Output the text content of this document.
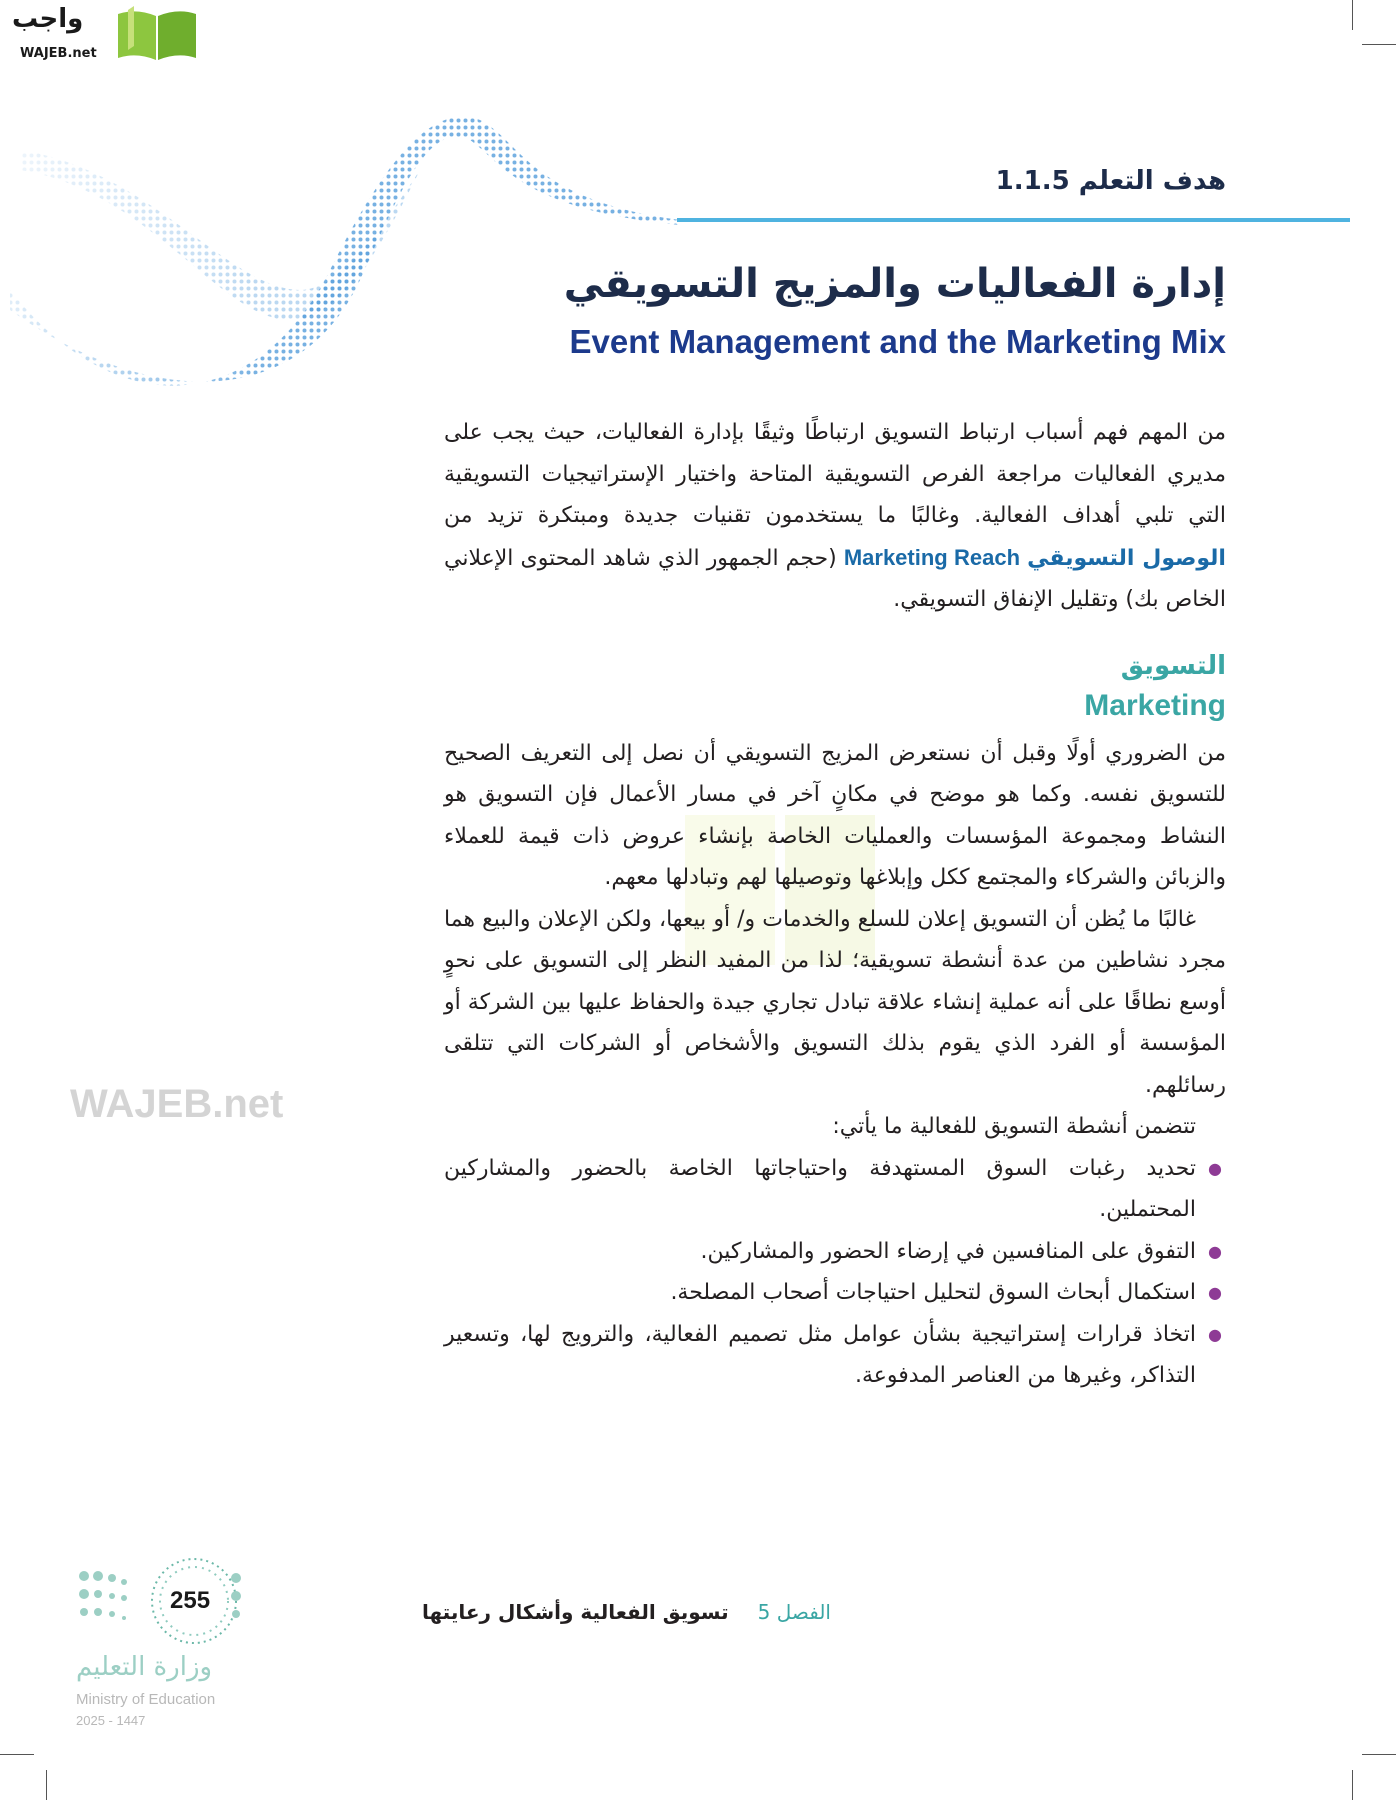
واجب
WAJEB.net
هدف التعلم 1.1.5
إدارة الفعاليات والمزيج التسويقي
Event Management and the Marketing Mix

من المهم فهم أسباب ارتباط التسويق ارتباطًا وثيقًا بإدارة الفعاليات، حيث يجب على مديري الفعاليات مراجعة الفرص التسويقية المتاحة واختيار الإستراتيجيات التسويقية التي تلبي أهداف الفعالية. وغالبًا ما يستخدمون تقنيات جديدة ومبتكرة تزيد من الوصول التسويقي Marketing Reach (حجم الجمهور الذي شاهد المحتوى الإعلاني الخاص بك) وتقليل الإنفاق التسويقي.

التسويق
Marketing

من الضروري أولًا وقبل أن نستعرض المزيج التسويقي أن نصل إلى التعريف الصحيح للتسويق نفسه. وكما هو موضح في مكانٍ آخر في مسار الأعمال فإن التسويق هو النشاط ومجموعة المؤسسات والعمليات الخاصة بإنشاء عروض ذات قيمة للعملاء والزبائن والشركاء والمجتمع ككل وإبلاغها وتوصيلها لهم وتبادلها معهم.

غالبًا ما يُظن أن التسويق إعلان للسلع والخدمات و/ أو بيعها، ولكن الإعلان والبيع هما مجرد نشاطين من عدة أنشطة تسويقية؛ لذا من المفيد النظر إلى التسويق على نحوٍ أوسع نطاقًا على أنه عملية إنشاء علاقة تبادل تجاري جيدة والحفاظ عليها بين الشركة أو المؤسسة أو الفرد الذي يقوم بذلك التسويق والأشخاص أو الشركات التي تتلقى رسائلهم.

تتضمن أنشطة التسويق للفعالية ما يأتي:

●
تحديد رغبات السوق المستهدفة واحتياجاتها الخاصة بالحضور والمشاركين المحتملين.
●
التفوق على المنافسين في إرضاء الحضور والمشاركين.
●
استكمال أبحاث السوق لتحليل احتياجات أصحاب المصلحة.
●
اتخاذ قرارات إستراتيجية بشأن عوامل مثل تصميم الفعالية، والترويج لها، وتسعير التذاكر، وغيرها من العناصر المدفوعة.
WAJEB.net
الفصل 5 تسويق الفعالية وأشكال رعايتها
255
وزارة التعليم
Ministry of Education
2025 - 1447
